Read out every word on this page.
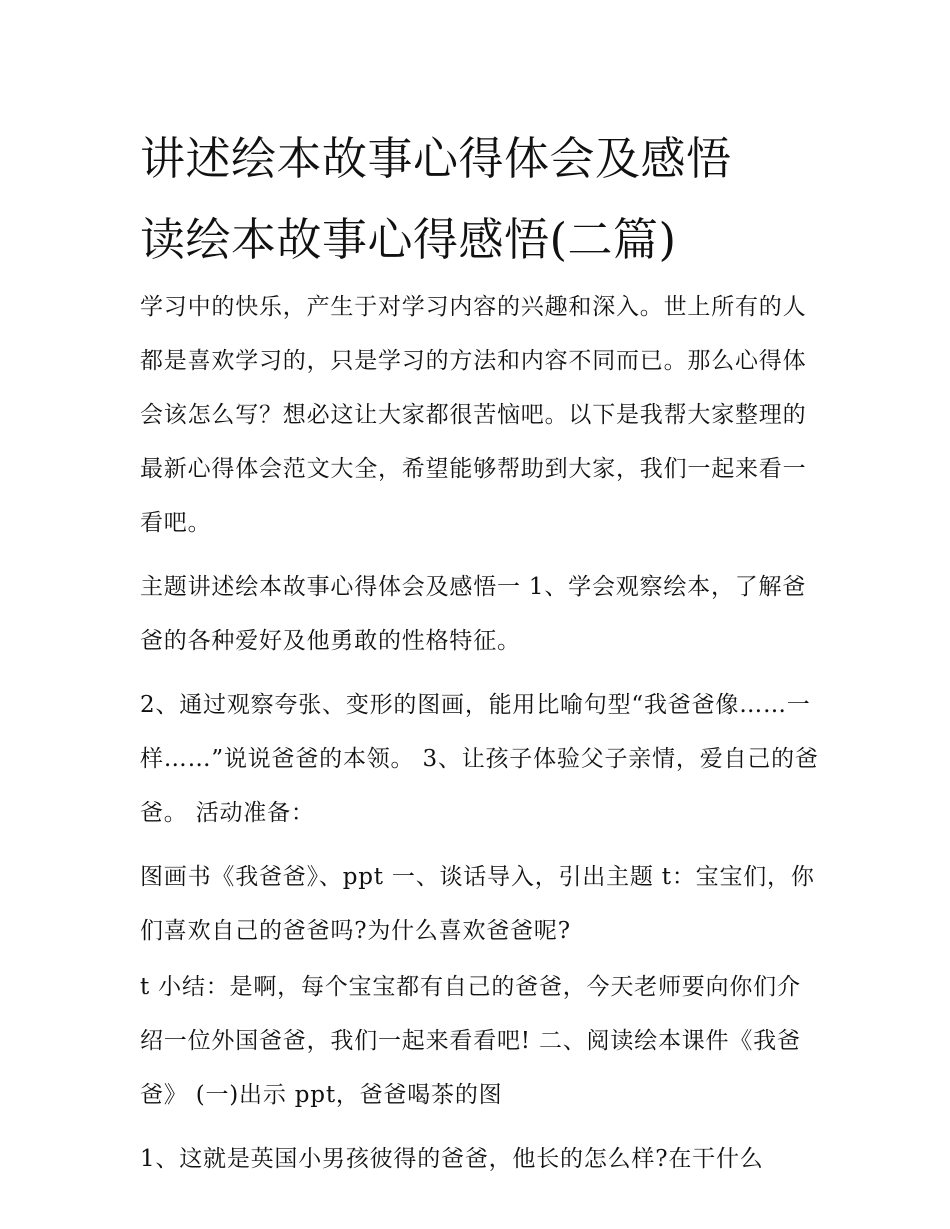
讲述绘本故事心得体会及感悟
读绘本故事心得感悟(二篇)

学习中的快乐，产生于对学习内容的兴趣和深入。世上所有的人都是喜欢学习的，只是学习的方法和内容不同而已。那么心得体会该怎么写？想必这让大家都很苦恼吧。以下是我帮大家整理的最新心得体会范文大全，希望能够帮助到大家，我们一起来看一看吧。

主题讲述绘本故事心得体会及感悟一 1、学会观察绘本，了解爸爸的各种爱好及他勇敢的性格特征。

2、通过观察夸张、变形的图画，能用比喻句型“我爸爸像……一样……”说说爸爸的本领。 3、让孩子体验父子亲情，爱自己的爸爸。 活动准备：

图画书《我爸爸》、ppt 一、谈话导入，引出主题 t：宝宝们，你们喜欢自己的爸爸吗?为什么喜欢爸爸呢?

t 小结：是啊，每个宝宝都有自己的爸爸，今天老师要向你们介绍一位外国爸爸，我们一起来看看吧! 二、阅读绘本课件《我爸爸》 (一)出示 ppt，爸爸喝茶的图

1、这就是英国小男孩彼得的爸爸，他长的怎么样?在干什么
